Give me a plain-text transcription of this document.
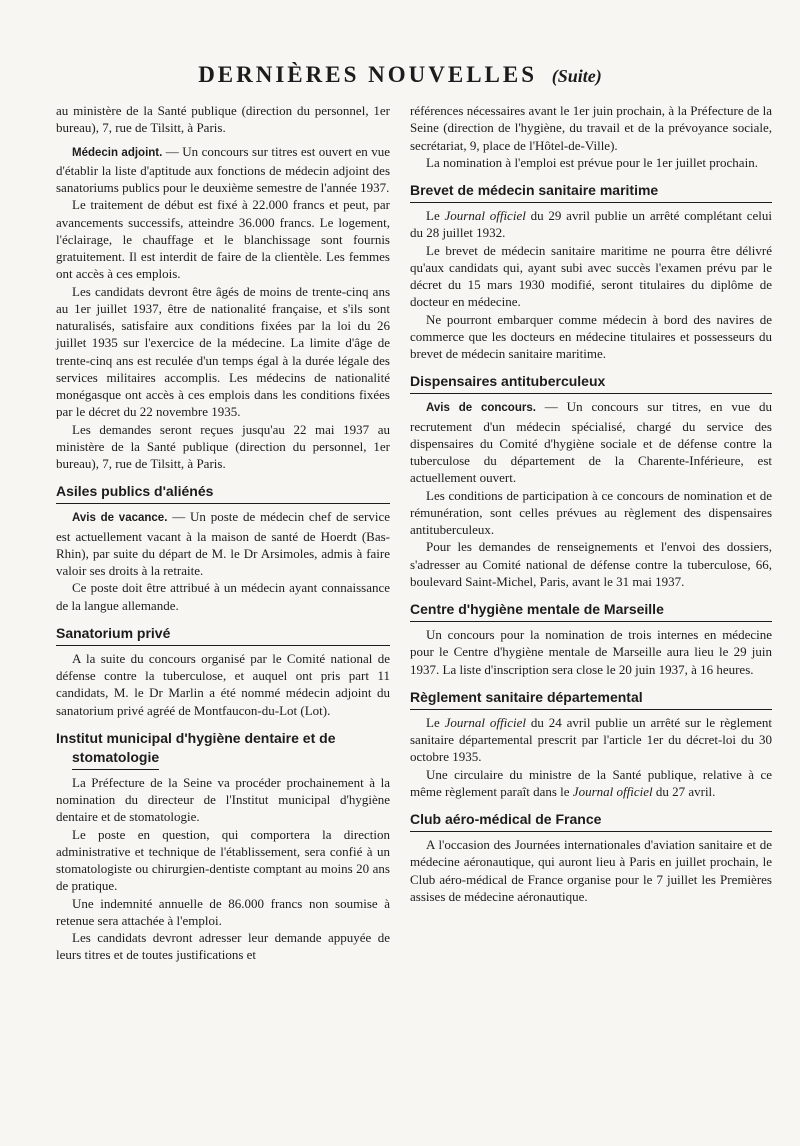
DERNIÈRES NOUVELLES (Suite)

au ministère de la Santé publique (direction du personnel, 1er bureau), 7, rue de Tilsitt, à Paris.

Médecin adjoint. — Un concours sur titres est ouvert en vue d'établir la liste d'aptitude aux fonctions de médecin adjoint des sanatoriums publics pour le deuxième semestre de l'année 1937.

Le traitement de début est fixé à 22.000 francs et peut, par avancements successifs, atteindre 36.000 francs. Le logement, l'éclairage, le chauffage et le blanchissage sont fournis gratuitement. Il est interdit de faire de la clientèle. Les femmes ont accès à ces emplois.

Les candidats devront être âgés de moins de trente-cinq ans au 1er juillet 1937, être de nationalité française, et s'ils sont naturalisés, satisfaire aux conditions fixées par la loi du 26 juillet 1935 sur l'exercice de la médecine. La limite d'âge de trente-cinq ans est reculée d'un temps égal à la durée légale des services militaires accomplis. Les médecins de nationalité monégasque ont accès à ces emplois dans les conditions fixées par le décret du 22 novembre 1935.

Les demandes seront reçues jusqu'au 22 mai 1937 au ministère de la Santé publique (direction du personnel, 1er bureau), 7, rue de Tilsitt, à Paris.

Asiles publics d'aliénés

Avis de vacance. — Un poste de médecin chef de service est actuellement vacant à la maison de santé de Hoerdt (Bas-Rhin), par suite du départ de M. le Dr Arsimoles, admis à faire valoir ses droits à la retraite.

Ce poste doit être attribué à un médecin ayant connaissance de la langue allemande.

Sanatorium privé

A la suite du concours organisé par le Comité national de défense contre la tuberculose, et auquel ont pris part 11 candidats, M. le Dr Marlin a été nommé médecin adjoint du sanatorium privé agréé de Montfaucon-du-Lot (Lot).

Institut municipal d'hygiène dentaire et de
stomatologie

La Préfecture de la Seine va procéder prochainement à la nomination du directeur de l'Institut municipal d'hygiène dentaire et de stomatologie.

Le poste en question, qui comportera la direction administrative et technique de l'établissement, sera confié à un stomatologiste ou chirurgien-dentiste comptant au moins 20 ans de pratique.

Une indemnité annuelle de 86.000 francs non soumise à retenue sera attachée à l'emploi.

Les candidats devront adresser leur demande appuyée de leurs titres et de toutes justifications et

références nécessaires avant le 1er juin prochain, à la Préfecture de la Seine (direction de l'hygiène, du travail et de la prévoyance sociale, secrétariat, 9, place de l'Hôtel-de-Ville).

La nomination à l'emploi est prévue pour le 1er juillet prochain.

Brevet de médecin sanitaire maritime

Le Journal officiel du 29 avril publie un arrêté complétant celui du 28 juillet 1932.

Le brevet de médecin sanitaire maritime ne pourra être délivré qu'aux candidats qui, ayant subi avec succès l'examen prévu par le décret du 15 mars 1930 modifié, seront titulaires du diplôme de docteur en médecine.

Ne pourront embarquer comme médecin à bord des navires de commerce que les docteurs en médecine titulaires et possesseurs du brevet de médecin sanitaire maritime.

Dispensaires antituberculeux

Avis de concours. — Un concours sur titres, en vue du recrutement d'un médecin spécialisé, chargé du service des dispensaires du Comité d'hygiène sociale et de défense contre la tuberculose du département de la Charente-Inférieure, est actuellement ouvert.

Les conditions de participation à ce concours de nomination et de rémunération, sont celles prévues au règlement des dispensaires antituberculeux.

Pour les demandes de renseignements et l'envoi des dossiers, s'adresser au Comité national de défense contre la tuberculose, 66, boulevard Saint-Michel, Paris, avant le 31 mai 1937.

Centre d'hygiène mentale de Marseille

Un concours pour la nomination de trois internes en médecine pour le Centre d'hygiène mentale de Marseille aura lieu le 29 juin 1937. La liste d'inscription sera close le 20 juin 1937, à 16 heures.

Règlement sanitaire départemental

Le Journal officiel du 24 avril publie un arrêté sur le règlement sanitaire départemental prescrit par l'article 1er du décret-loi du 30 octobre 1935.

Une circulaire du ministre de la Santé publique, relative à ce même règlement paraît dans le Journal officiel du 27 avril.

Club aéro-médical de France

A l'occasion des Journées internationales d'aviation sanitaire et de médecine aéronautique, qui auront lieu à Paris en juillet prochain, le Club aéro-médical de France organise pour le 7 juillet les Premières assises de médecine aéronautique.
